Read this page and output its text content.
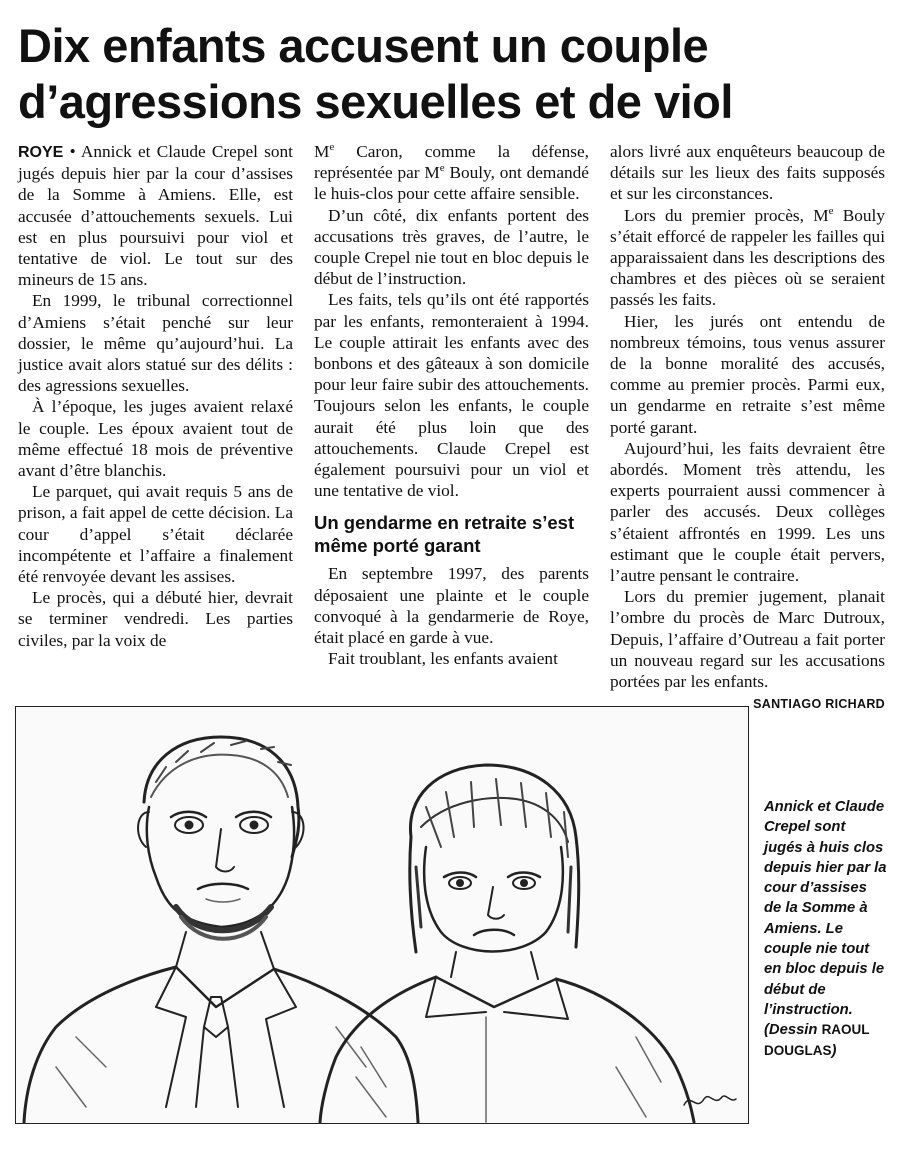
Dix enfants accusent un couple
d’agressions sexuelles et de viol

ROYE • Annick et Claude Crepel sont jugés depuis hier par la cour d’assises de la Somme à Amiens. Elle, est accusée d’attouchements sexuels. Lui est en plus poursuivi pour viol et tentative de viol. Le tout sur des mineurs de 15 ans.

En 1999, le tribunal correctionnel d’Amiens s’était penché sur leur dossier, le même qu’aujourd’hui. La justice avait alors statué sur des délits : des agressions sexuelles.

À l’époque, les juges avaient relaxé le couple. Les époux avaient tout de même effectué 18 mois de préventive avant d’être blanchis.

Le parquet, qui avait requis 5 ans de prison, a fait appel de cette décision. La cour d’appel s’était déclarée incompétente et l’affaire a finalement été renvoyée devant les assises.

Le procès, qui a débuté hier, devrait se terminer vendredi. Les parties civiles, par la voix de

Me Caron, comme la défense, représentée par Me Bouly, ont demandé le huis-clos pour cette affaire sensible.

D’un côté, dix enfants portent des accusations très graves, de l’autre, le couple Crepel nie tout en bloc depuis le début de l’instruction.

Les faits, tels qu’ils ont été rapportés par les enfants, remonteraient à 1994. Le couple attirait les enfants avec des bonbons et des gâteaux à son domicile pour leur faire subir des attouchements. Toujours selon les enfants, le couple aurait été plus loin que des attouchements. Claude Crepel est également poursuivi pour un viol et une tentative de viol.

Un gendarme en retraite s’est même porté garant

En septembre 1997, des parents déposaient une plainte et le couple convoqué à la gendarmerie de Roye, était placé en garde à vue.

Fait troublant, les enfants avaient

alors livré aux enquêteurs beaucoup de détails sur les lieux des faits supposés et sur les circonstances.

Lors du premier procès, Me Bouly s’était efforcé de rappeler les failles qui apparaissaient dans les descriptions des chambres et des pièces où se seraient passés les faits.

Hier, les jurés ont entendu de nombreux témoins, tous venus assurer de la bonne moralité des accusés, comme au premier procès. Parmi eux, un gendarme en retraite s’est même porté garant.

Aujourd’hui, les faits devraient être abordés. Moment très attendu, les experts pourraient aussi commencer à parler des accusés. Deux collèges s’étaient affrontés en 1999. Les uns estimant que le couple était pervers, l’autre pensant le contraire.

Lors du premier jugement, planait l’ombre du procès de Marc Dutroux, Depuis, l’affaire d’Outreau a fait porter un nouveau regard sur les accusations portées par les enfants.

SANTIAGO RICHARD
Annick et Claude Crepel sont jugés à huis clos depuis hier par la cour d’assises de la Somme à Amiens. Le couple nie tout en bloc depuis le début de l’instruction. (Dessin RAOUL DOUGLAS)
